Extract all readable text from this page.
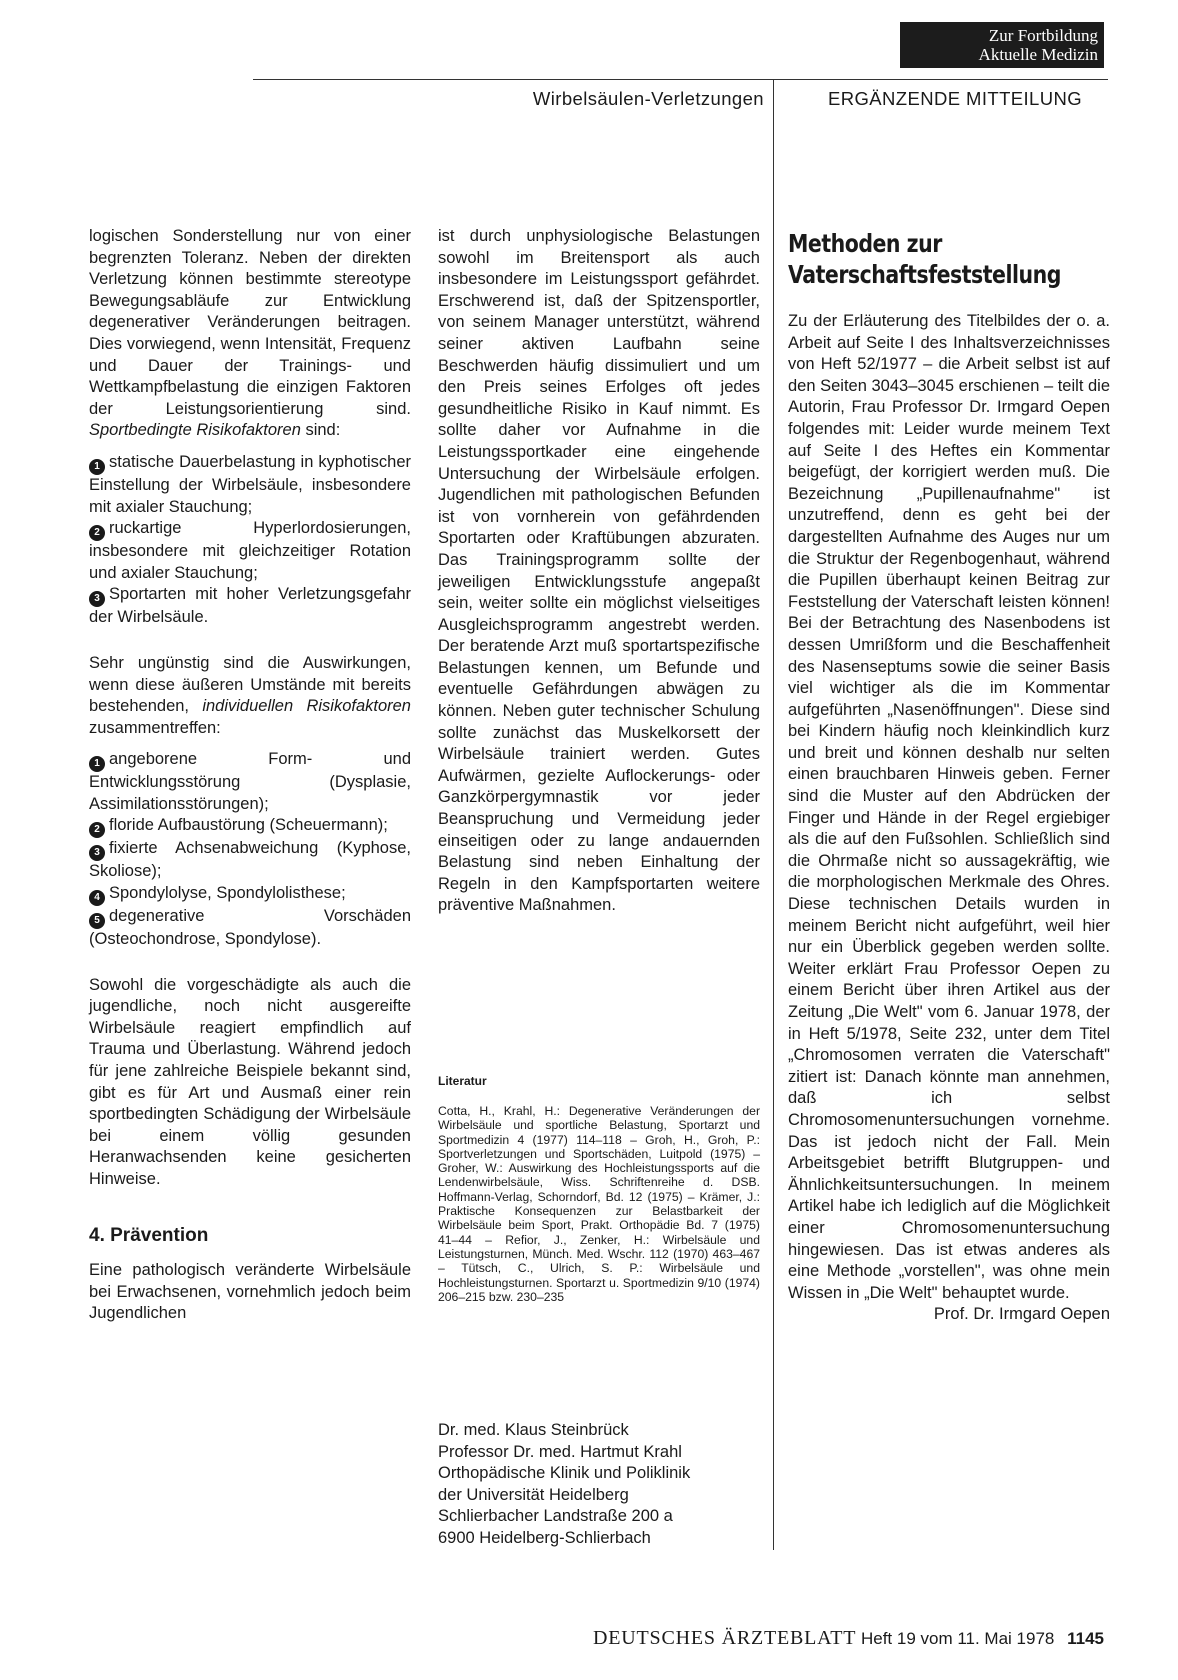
Zur Fortbildung
Aktuelle Medizin
Wirbelsäulen-Verletzungen	ERGÄNZENDE MITTEILUNG

logischen Sonderstellung nur von einer begrenzten Toleranz. Neben der direkten Verletzung können bestimmte stereotype Bewegungsabläufe zur Entwicklung degenerativer Veränderungen beitragen. Dies vorwiegend, wenn Intensität, Frequenz und Dauer der Trainings- und Wettkampfbelastung die einzigen Faktoren der Leistungsorientierung sind. Sportbedingte Risikofaktoren sind:

1 statische Dauerbelastung in kyphotischer Einstellung der Wirbelsäule, insbesondere mit axialer Stauchung;

2 ruckartige Hyperlordosierungen, insbesondere mit gleichzeitiger Rotation und axialer Stauchung;

3 Sportarten mit hoher Verletzungsgefahr der Wirbelsäule.

Sehr ungünstig sind die Auswirkungen, wenn diese äußeren Umstände mit bereits bestehenden, individuellen Risikofaktoren zusammentreffen:

1 angeborene Form- und Entwicklungsstörung (Dysplasie, Assimilationsstörungen);

2 floride Aufbaustörung (Scheuermann);

3 fixierte Achsenabweichung (Kyphose, Skoliose);

4 Spondylolyse, Spondylolisthese;

5 degenerative Vorschäden (Osteochondrose, Spondylose).

Sowohl die vorgeschädigte als auch die jugendliche, noch nicht ausgereifte Wirbelsäule reagiert empfindlich auf Trauma und Überlastung. Während jedoch für jene zahlreiche Beispiele bekannt sind, gibt es für Art und Ausmaß einer rein sportbedingten Schädigung der Wirbelsäule bei einem völlig gesunden Heranwachsenden keine gesicherten Hinweise.

4. Prävention

Eine pathologisch veränderte Wirbelsäule bei Erwachsenen, vornehmlich jedoch beim Jugendlichen

ist durch unphysiologische Belastungen sowohl im Breitensport als auch insbesondere im Leistungssport gefährdet. Erschwerend ist, daß der Spitzensportler, von seinem Manager unterstützt, während seiner aktiven Laufbahn seine Beschwerden häufig dissimuliert und um den Preis seines Erfolges oft jedes gesundheitliche Risiko in Kauf nimmt. Es sollte daher vor Aufnahme in die Leistungssportkader eine eingehende Untersuchung der Wirbelsäule erfolgen. Jugendlichen mit pathologischen Befunden ist von vornherein von gefährdenden Sportarten oder Kraftübungen abzuraten. Das Trainingsprogramm sollte der jeweiligen Entwicklungsstufe angepaßt sein, weiter sollte ein möglichst vielseitiges Ausgleichsprogramm angestrebt werden. Der beratende Arzt muß sportartspezifische Belastungen kennen, um Befunde und eventuelle Gefährdungen abwägen zu können. Neben guter technischer Schulung sollte zunächst das Muskelkorsett der Wirbelsäule trainiert werden. Gutes Aufwärmen, gezielte Auflockerungs- oder Ganzkörpergymnastik vor jeder Beanspruchung und Vermeidung jeder einseitigen oder zu lange andauernden Belastung sind neben Einhaltung der Regeln in den Kampfsportarten weitere präventive Maßnahmen.

Literatur
Cotta, H., Krahl, H.: Degenerative Veränderungen der Wirbelsäule und sportliche Belastung, Sportarzt und Sportmedizin 4 (1977) 114–118 – Groh, H., Groh, P.: Sportverletzungen und Sportschäden, Luitpold (1975) – Groher, W.: Auswirkung des Hochleistungssports auf die Lendenwirbelsäule, Wiss. Schriftenreihe d. DSB. Hoffmann-Verlag, Schorndorf, Bd. 12 (1975) – Krämer, J.: Praktische Konsequenzen zur Belastbarkeit der Wirbelsäule beim Sport, Prakt. Orthopädie Bd. 7 (1975) 41–44 – Refior, J., Zenker, H.: Wirbelsäule und Leistungsturnen, Münch. Med. Wschr. 112 (1970) 463–467 – Tütsch, C., Ulrich, S. P.: Wirbelsäule und Hochleistungsturnen. Sportarzt u. Sportmedizin 9/10 (1974) 206–215 bzw. 230–235
Dr. med. Klaus Steinbrück
Professor Dr. med. Hartmut Krahl
Orthopädische Klinik und Poliklinik
der Universität Heidelberg
Schlierbacher Landstraße 200 a
6900 Heidelberg-Schlierbach
Methoden zur
Vaterschaftsfeststellung

Zu der Erläuterung des Titelbildes der o. a. Arbeit auf Seite I des Inhaltsverzeichnisses von Heft 52/1977 – die Arbeit selbst ist auf den Seiten 3043–3045 erschienen – teilt die Autorin, Frau Professor Dr. Irmgard Oepen folgendes mit: Leider wurde meinem Text auf Seite I des Heftes ein Kommentar beigefügt, der korrigiert werden muß. Die Bezeichnung „Pupillenaufnahme" ist unzutreffend, denn es geht bei der dargestellten Aufnahme des Auges nur um die Struktur der Regenbogenhaut, während die Pupillen überhaupt keinen Beitrag zur Feststellung der Vaterschaft leisten können! Bei der Betrachtung des Nasenbodens ist dessen Umrißform und die Beschaffenheit des Nasenseptums sowie die seiner Basis viel wichtiger als die im Kommentar aufgeführten „Nasenöffnungen". Diese sind bei Kindern häufig noch kleinkindlich kurz und breit und können deshalb nur selten einen brauchbaren Hinweis geben. Ferner sind die Muster auf den Abdrücken der Finger und Hände in der Regel ergiebiger als die auf den Fußsohlen. Schließlich sind die Ohrmaße nicht so aussagekräftig, wie die morphologischen Merkmale des Ohres. Diese technischen Details wurden in meinem Bericht nicht aufgeführt, weil hier nur ein Überblick gegeben werden sollte. Weiter erklärt Frau Professor Oepen zu einem Bericht über ihren Artikel aus der Zeitung „Die Welt" vom 6. Januar 1978, der in Heft 5/1978, Seite 232, unter dem Titel „Chromosomen verraten die Vaterschaft" zitiert ist: Danach könnte man annehmen, daß ich selbst Chromosomenuntersuchungen vornehme. Das ist jedoch nicht der Fall. Mein Arbeitsgebiet betrifft Blutgruppen- und Ähnlichkeitsuntersuchungen. In meinem Artikel habe ich lediglich auf die Möglichkeit einer Chromosomenuntersuchung hingewiesen. Das ist etwas anderes als eine Methode „vorstellen", was ohne mein Wissen in „Die Welt" behauptet wurde.

Prof. Dr. Irmgard Oepen

DEUTSCHES ÄRZTEBLATT Heft 19 vom 11. Mai 1978 1145
